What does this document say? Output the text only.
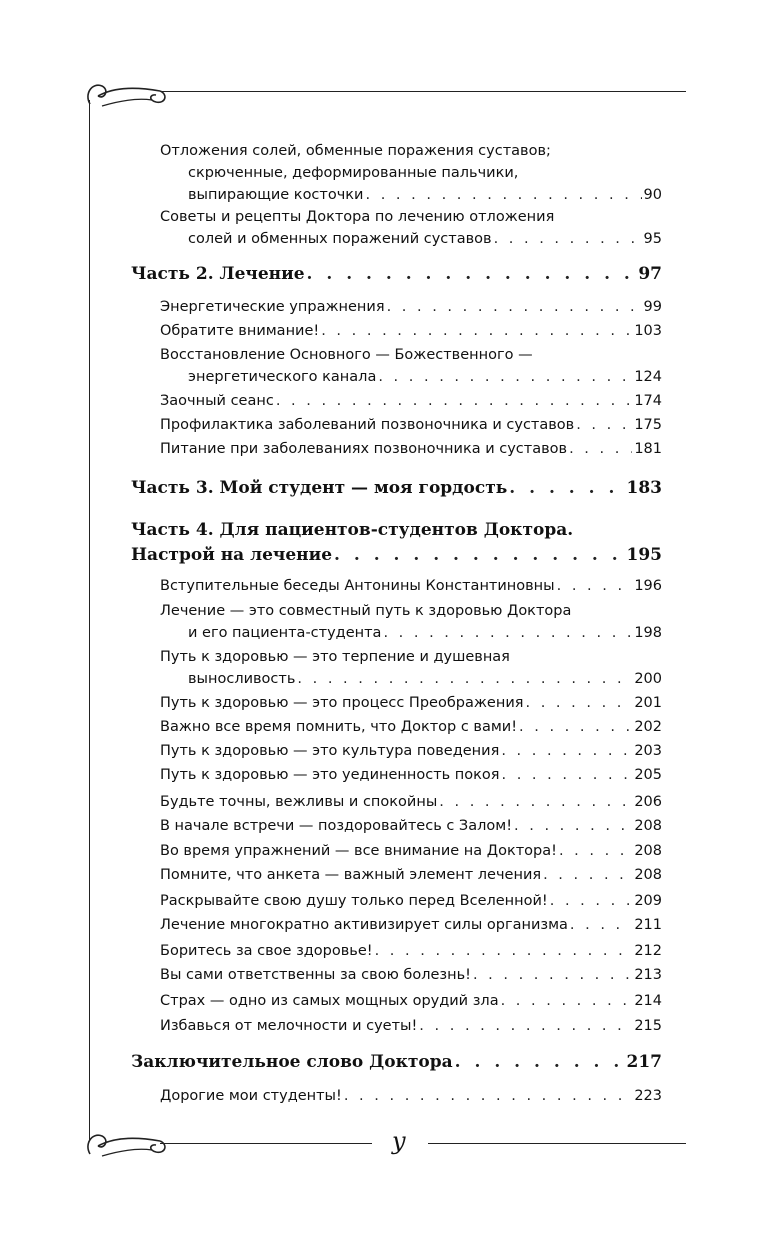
у
Отложения солей, обменные поражения суставов;
скрюченные, деформированные пальчики,
выпирающие косточки . . .	90
Советы и рецепты Доктора по лечению отложения
солей и обменных поражений суставов . . .	95
Часть 2. Лечение . . .	97
Энергетические упражнения . . .	99
Обратите внимание! . . .	103
Восстановление Основного — Божественного —
энергетического канала . . .	124
Заочный сеанс . . .	174
Профилактика заболеваний позвоночника и суставов . . .	175
Питание при заболеваниях позвоночника и суставов . . .	181
Часть 3. Мой студент — моя гордость . . .	183
Часть 4. Для пациентов-студентов Доктора.
Настрой на лечение . . .	195
Вступительные беседы Антонины Константиновны . . .	196
Лечение — это совместный путь к здоровью Доктора
и его пациента-студента . . .	198
Путь к здоровью — это терпение и душевная
выносливость . . .	200
Путь к здоровью — это процесс Преображения . . .	201
Важно все время помнить, что Доктор с вами! . . .	202
Путь к здоровью — это культура поведения . . .	203
Путь к здоровью — это уединенность покоя . . .	205
Будьте точны, вежливы и спокойны . . .	206
В начале встречи — поздоровайтесь с Залом! . . .	208
Во время упражнений — все внимание на Доктора! . . .	208
Помните, что анкета — важный элемент лечения . . .	208
Раскрывайте свою душу только перед Вселенной! . . .	209
Лечение многократно активизирует силы организма . . .	211
Боритесь за свое здоровье! . . .	212
Вы сами ответственны за свою болезнь! . . .	213
Страх — одно из самых мощных орудий зла . . .	214
Избавься от мелочности и суеты! . . .	215
Заключительное слово Доктора . . .	217
Дорогие мои студенты! . . .	223
